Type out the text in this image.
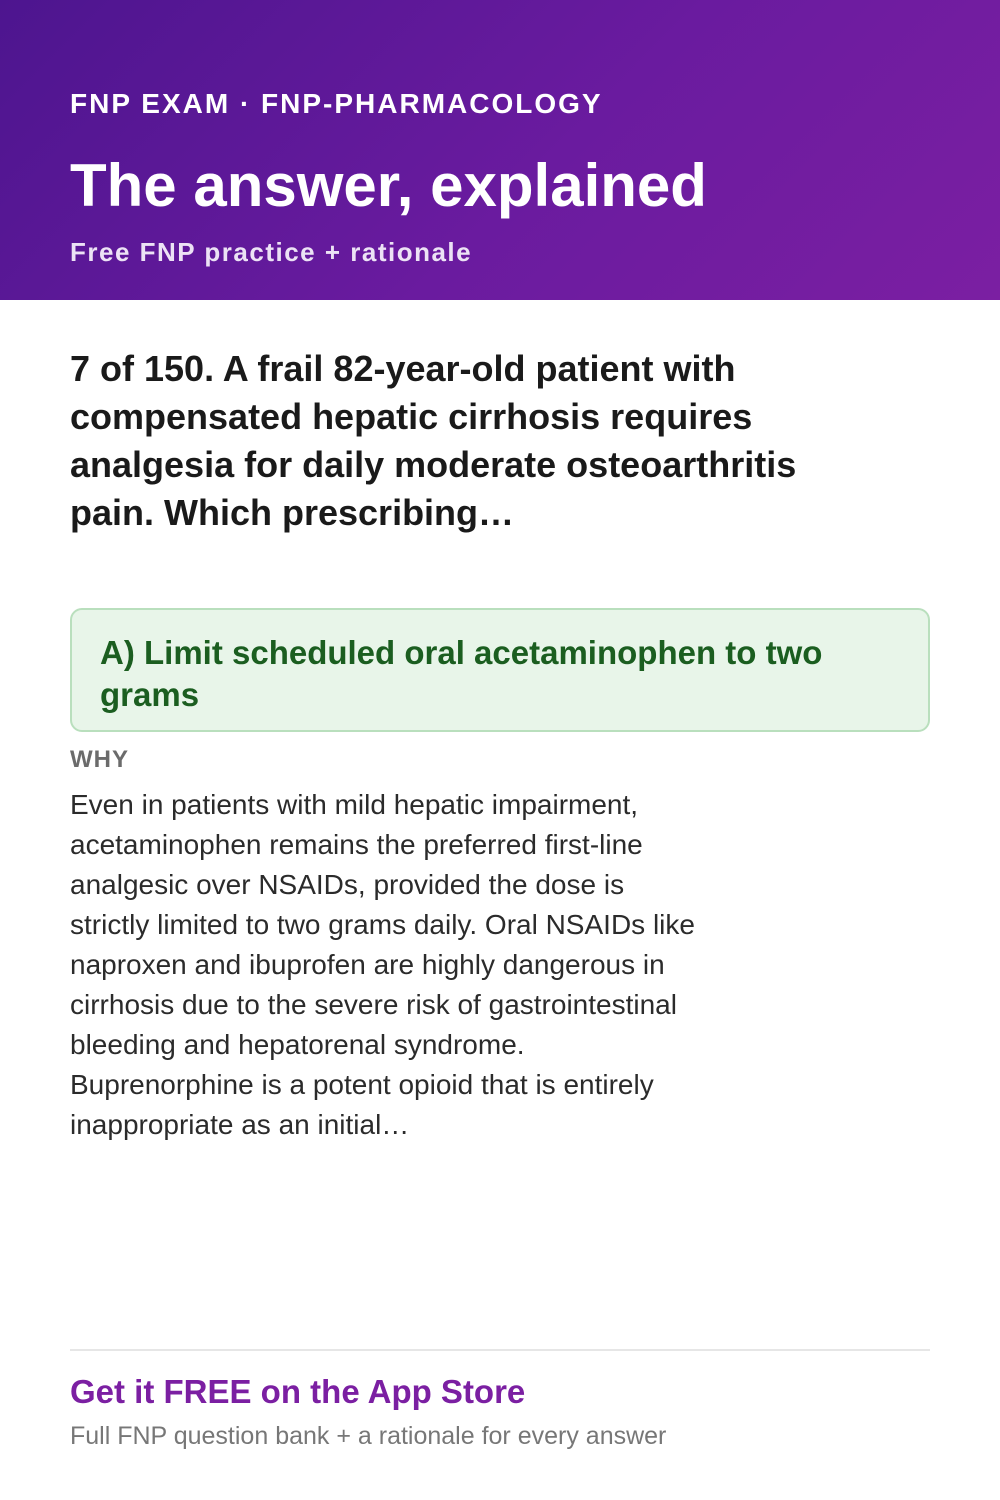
FNP EXAM · FNP-PHARMACOLOGY
The answer, explained
Free FNP practice + rationale

7 of 150. A frail 82-year-old patient with compensated hepatic cirrhosis requires analgesia for daily moderate osteoarthritis pain. Which prescribing…

A) Limit scheduled oral acetaminophen to two grams

WHY

Even in patients with mild hepatic impairment, acetaminophen remains the preferred first-line analgesic over NSAIDs, provided the dose is strictly limited to two grams daily. Oral NSAIDs like naproxen and ibuprofen are highly dangerous in cirrhosis due to the severe risk of gastrointestinal bleeding and hepatorenal syndrome. Buprenorphine is a potent opioid that is entirely inappropriate as an initial…

Get it FREE on the App Store
Full FNP question bank + a rationale for every answer
